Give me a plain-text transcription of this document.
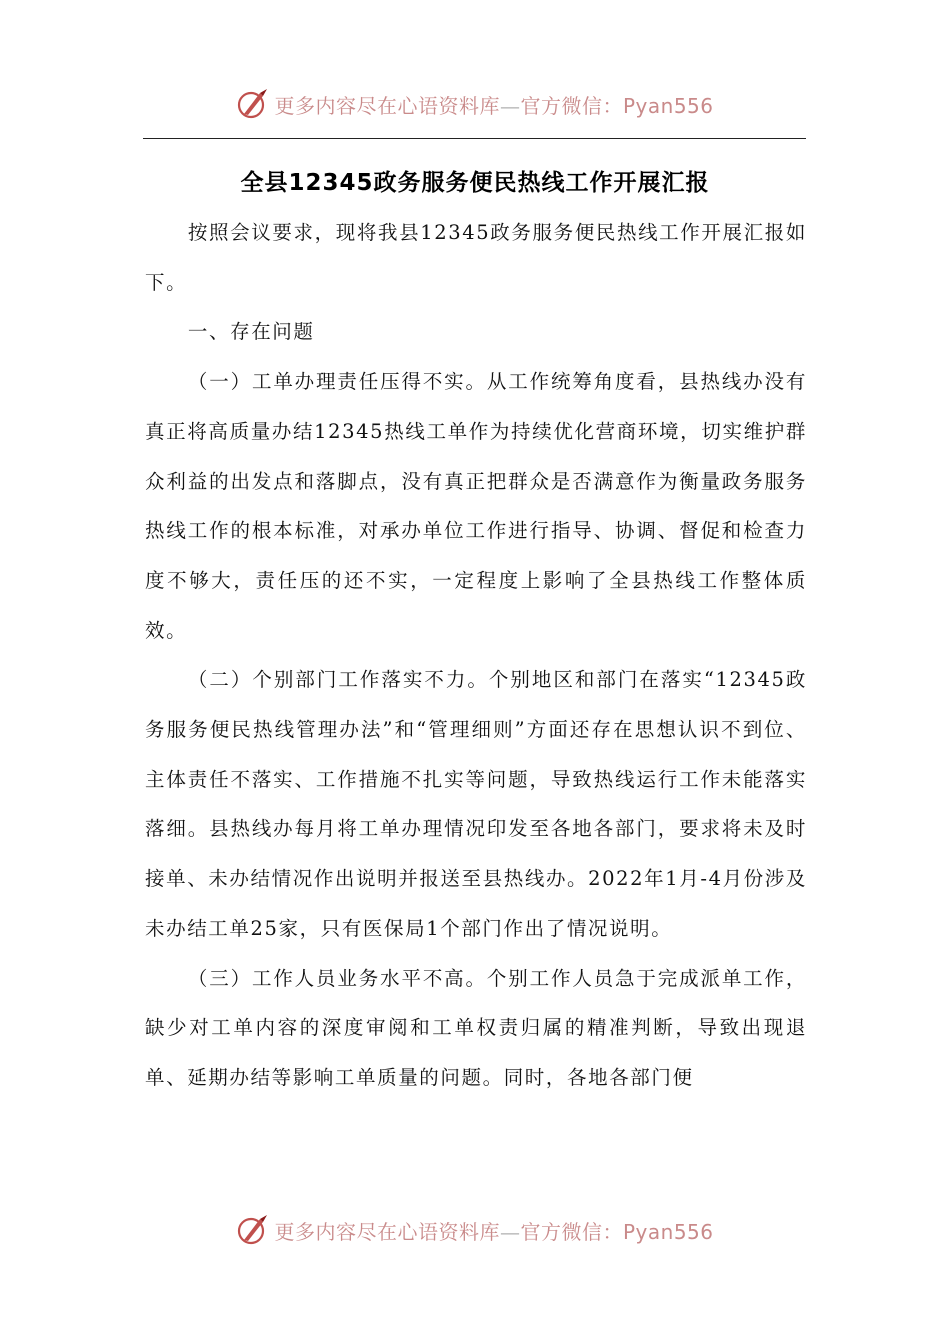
更多内容尽在心语资料库—官方微信：Pyan556
全县12345政务服务便民热线工作开展汇报

按照会议要求，现将我县12345政务服务便民热线工作开展汇报如下。

一、存在问题

（一）工单办理责任压得不实。从工作统筹角度看，县热线办没有真正将高质量办结12345热线工单作为持续优化营商环境，切实维护群众利益的出发点和落脚点，没有真正把群众是否满意作为衡量政务服务热线工作的根本标准，对承办单位工作进行指导、协调、督促和检查力度不够大，责任压的还不实，一定程度上影响了全县热线工作整体质效。

（二）个别部门工作落实不力。个别地区和部门在落实“12345政务服务便民热线管理办法”和“管理细则”方面还存在思想认识不到位、主体责任不落实、工作措施不扎实等问题，导致热线运行工作未能落实落细。县热线办每月将工单办理情况印发至各地各部门，要求将未及时接单、未办结情况作出说明并报送至县热线办。2022年1月-4月份涉及未办结工单25家，只有医保局1个部门作出了情况说明。

（三）工作人员业务水平不高。个别工作人员急于完成派单工作，缺少对工单内容的深度审阅和工单权责归属的精准判断，导致出现退单、延期办结等影响工单质量的问题。同时，各地各部门便

更多内容尽在心语资料库—官方微信：Pyan556
